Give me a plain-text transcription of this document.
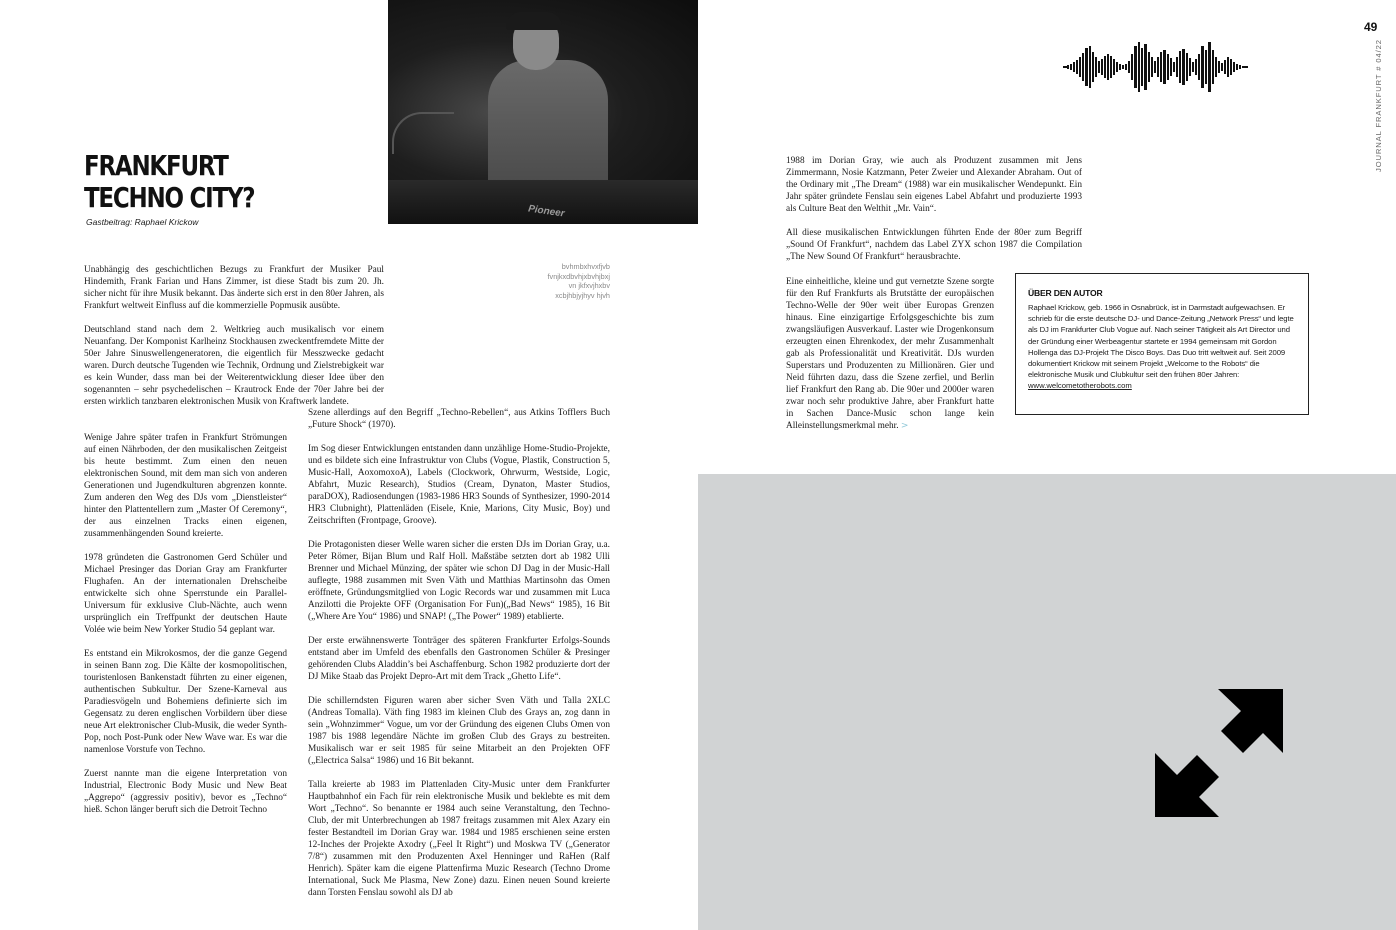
FRANKFURT
TECHNO CITY?
Gastbeitrag: Raphael Krickow
Pioneer
bvhmbxhvxfjvb
fvnjkxdbvhjxbvhjbxj
vn jkfxvjhxbv
xcbjhbjyjhyv hjvh

Unabhängig des geschichtlichen Bezugs zu Frankfurt der Musiker Paul Hindemith, Frank Farian und Hans Zimmer, ist diese Stadt bis zum 20. Jh. sicher nicht für ihre Musik bekannt. Das änderte sich erst in den 80er Jahren, als Frankfurt weltweit Einfluss auf die kommerzielle Popmusik ausübte.

Deutschland stand nach dem 2. Weltkrieg auch musikalisch vor einem Neuanfang. Der Komponist Karlheinz Stockhausen zweckentfremdete Mitte der 50er Jahre Sinuswellengeneratoren, die eigentlich für Messzwecke gedacht waren. Durch deutsche Tugenden wie Technik, Ordnung und Zielstrebigkeit war es kein Wunder, dass man bei der Weiterentwicklung dieser Idee über den sogenannten – sehr psychedelischen – Krautrock Ende der 70er Jahre bei der ersten wirklich tanzbaren elektronischen Musik von Kraftwerk landete.

Wenige Jahre später trafen in Frankfurt Strömungen auf einen Nährboden, der den musikalischen Zeitgeist bis heute bestimmt. Zum einen den neuen elektronischen Sound, mit dem man sich von anderen Generationen und Jugendkulturen abgrenzen konnte. Zum anderen den Weg des DJs vom „Dienstleister“ hinter den Plattentellern zum „Master Of Ceremony“, der aus einzelnen Tracks einen eigenen, zusammenhängenden Sound kreierte.

1978 gründeten die Gastronomen Gerd Schüler und Michael Presinger das Dorian Gray am Frankfurter Flughafen. An der internationalen Drehscheibe entwickelte sich ohne Sperrstunde ein Parallel-Universum für exklusive Club-Nächte, auch wenn ursprünglich ein Treffpunkt der deutschen Haute Volée wie beim New Yorker Studio 54 geplant war.

Es entstand ein Mikrokosmos, der die ganze Gegend in seinen Bann zog. Die Kälte der kosmopolitischen, touristenlosen Bankenstadt führten zu einer eigenen, authentischen Subkultur. Der Szene-Karneval aus Paradiesvögeln und Bohemiens definierte sich im Gegensatz zu deren englischen Vorbildern über diese neue Art elektronischer Club-Musik, die weder Synth-Pop, noch Post-Punk oder New Wave war. Es war die namenlose Vorstufe von Techno.

Zuerst nannte man die eigene Interpretation von Industrial, Electronic Body Music und New Beat „Aggrepo“ (aggressiv positiv), bevor es „Techno“ hieß. Schon länger beruft sich die Detroit Techno

Szene allerdings auf den Begriff „Techno-Rebellen“, aus Atkins Tofflers Buch „Future Shock“ (1970).

Im Sog dieser Entwicklungen entstanden dann unzählige Home-Studio-Projekte, und es bildete sich eine Infrastruktur von Clubs (Vogue, Plastik, Construction 5, Music-Hall, AoxomoxoA), Labels (Clockwork, Ohrwurm, Westside, Logic, Abfahrt, Muzic Research), Studios (Cream, Dynaton, Master Studios, paraDOX), Radiosendungen (1983-1986 HR3 Sounds of Synthesizer, 1990-2014 HR3 Clubnight), Plattenläden (Eisele, Knie, Marions, City Music, Boy) und Zeitschriften (Frontpage, Groove).

Die Protagonisten dieser Welle waren sicher die ersten DJs im Dorian Gray, u.a. Peter Römer, Bijan Blum und Ralf Holl. Maßstäbe setzten dort ab 1982 Ulli Brenner und Michael Münzing, der später wie schon DJ Dag in der Music-Hall auflegte, 1988 zusammen mit Sven Väth und Matthias Martinsohn das Omen eröffnete, Gründungsmitglied von Logic Records war und zusammen mit Luca Anzilotti die Projekte OFF (Organisation For Fun)(„Bad News“ 1985), 16 Bit („Where Are You“ 1986) und SNAP! („The Power“ 1989) etablierte.

Der erste erwähnenswerte Tonträger des späteren Frankfurter Erfolgs-Sounds entstand aber im Umfeld des ebenfalls den Gastronomen Schüler & Presinger gehörenden Clubs Aladdin’s bei Aschaffenburg. Schon 1982 produzierte dort der DJ Mike Staab das Projekt Depro-Art mit dem Track „Ghetto Life“.

Die schillerndsten Figuren waren aber sicher Sven Väth und Talla 2XLC (Andreas Tomalla). Väth fing 1983 im kleinen Club des Grays an, zog dann in sein „Wohnzimmer“ Vogue, um vor der Gründung des eigenen Clubs Omen von 1987 bis 1988 legendäre Nächte im großen Club des Grays zu bestreiten. Musikalisch war er seit 1985 für seine Mitarbeit an den Projekten OFF („Electrica Salsa“ 1986) und 16 Bit bekannt.

Talla kreierte ab 1983 im Plattenladen City-Music unter dem Frankfurter Hauptbahnhof ein Fach für rein elektronische Musik und beklebte es mit dem Wort „Techno“. So benannte er 1984 auch seine Veranstaltung, den Techno-Club, der mit Unterbrechungen ab 1987 freitags zusammen mit Alex Azary ein fester Bestandteil im Dorian Gray war. 1984 und 1985 erschienen seine ersten 12-Inches der Projekte Axodry („Feel It Right“) und Moskwa TV („Generator 7/8“) zusammen mit den Produzenten Axel Henninger und RaHen (Ralf Henrich). Später kam die eigene Plattenfirma Muzic Research (Techno Drome International, Suck Me Plasma, New Zone) dazu. Einen neuen Sound kreierte dann Torsten Fenslau sowohl als DJ ab

49
JOURNAL FRANKFURT # 04/22

1988 im Dorian Gray, wie auch als Produzent zusammen mit Jens Zimmermann, Nosie Katzmann, Peter Zweier und Alexander Abraham. Out of the Ordinary mit „The Dream“ (1988) war ein musikalischer Wendepunkt. Ein Jahr später gründete Fenslau sein eigenes Label Abfahrt und produzierte 1993 als Culture Beat den Welthit „Mr. Vain“.

All diese musikalischen Entwicklungen führten Ende der 80er zum Begriff „Sound Of Frankfurt“, nachdem das Label ZYX schon 1987 die Compilation „The New Sound Of Frankfurt“ herausbrachte.

Eine einheitliche, kleine und gut vernetzte Szene sorgte für den Ruf Frankfurts als Brutstätte der europäischen Techno-Welle der 90er weit über Europas Grenzen hinaus. Eine einzigartige Erfolgsgeschichte bis zum zwangsläufigen Ausverkauf. Laster wie Drogenkonsum erzeugten einen Ehrenkodex, der mehr Zusammenhalt gab als Professionalität und Kreativität. DJs wurden Superstars und Produzenten zu Millionären. Gier und Neid führten dazu, dass die Szene zerfiel, und Berlin lief Frankfurt den Rang ab. Die 90er und 2000er waren zwar noch sehr produktive Jahre, aber Frankfurt hatte in Sachen Dance-Music schon lange kein Alleinstellungsmerkmal mehr. >
ÜBER DEN AUTOR
Raphael Krickow, geb. 1966 in Osnabrück, ist in Darmstadt aufgewachsen. Er schrieb für die erste deutsche DJ- und Dance-Zeitung „Network Press“ und legte als DJ im Frankfurter Club Vogue auf. Nach seiner Tätigkeit als Art Director und der Gründung einer Werbeagentur startete er 1994 gemeinsam mit Gordon Hollenga das DJ-Projekt The Disco Boys. Das Duo tritt weltweit auf. Seit 2009 dokumentiert Krickow mit seinem Projekt „Welcome to the Robots“ die elektronische Musik und Clubkultur seit den frühen 80er Jahren:
www.welcometotherobots.com
